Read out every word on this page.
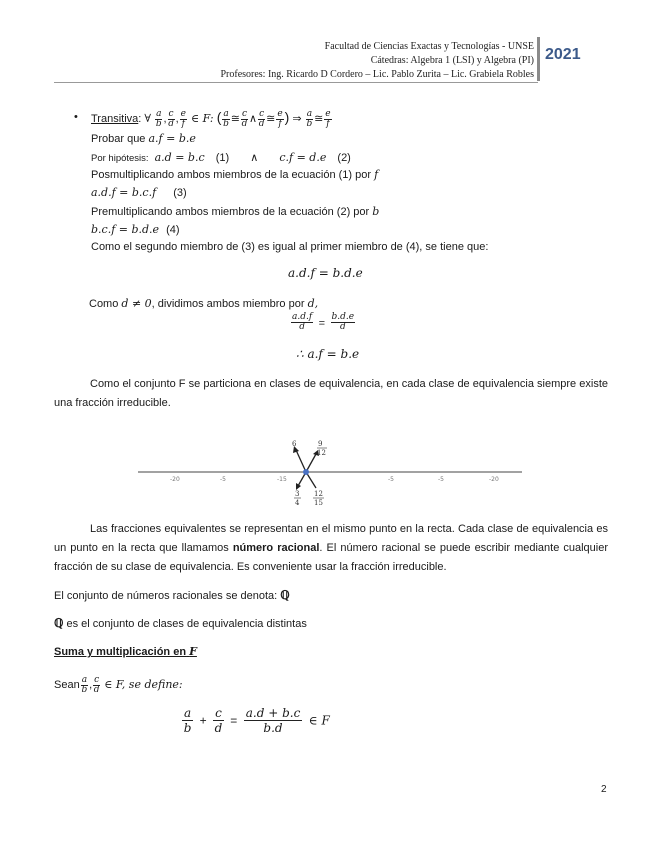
Facultad de Ciencias Exactas y Tecnologías - UNSE
Cátedras: Algebra 1 (LSI) y Algebra (PI)
Profesores: Ing. Ricardo D Cordero – Lic. Pablo Zurita – Lic. Grabiela Robles
2021
• Transitiva: ∀ $\frac{a}{b}$ , $\frac{c}{d}$ , $\frac{e}{f}$ ∈ F: ( $\frac{a}{b}$ ≅ $\frac{c}{d}$ ∧ $\frac{c}{d}$ ≅ $\frac{e}{f}$ ) ⇒ $\frac{a}{b}$ ≅ $\frac{e}{f}$
Probar que a.f = b.e
Por hipótesis: a.d = b.c (1) ∧ c.f = d.e (2)
Posmultiplicando ambos miembros de la ecuación (1) por f
a.d.f = b.c.f (3)
Premultiplicando ambos miembros de la ecuación (2) por b
b.c.f = b.d.e (4)
Como el segundo miembro de (3) es igual al primer miembro de (4), se tiene que:
a.d.f = b.d.e
Como d ≠ 0, dividimos ambos miembro por d,
$\frac{a.d.f}{d} = \frac{b.d.e}{d}$
∴ a.f = b.e
Como el conjunto F se particiona en clases de equivalencia, en cada clase de equivalencia siempre existe una fracción irreducible.
-20	-5	-15	-5	-5	-20
6	9
12
3
4
12
15
Las fracciones equivalentes se representan en el mismo punto en la recta. Cada clase de equivalencia es un punto en la recta que llamamos número racional. El número racional se puede escribir mediante cualquier fracción de su clase de equivalencia. Es conveniente usar la fracción irreducible.
El conjunto de números racionales se denota: ℚ
ℚ es el conjunto de clases de equivalencia distintas
Suma y multiplicación en F
Sean $\frac{a}{b}$ , $\frac{c}{d}$ ∈ F, se define:
$\frac{a}{b} + \frac{c}{d} = \frac{a.d + b.c}{b.d}$ ∈ F
2
